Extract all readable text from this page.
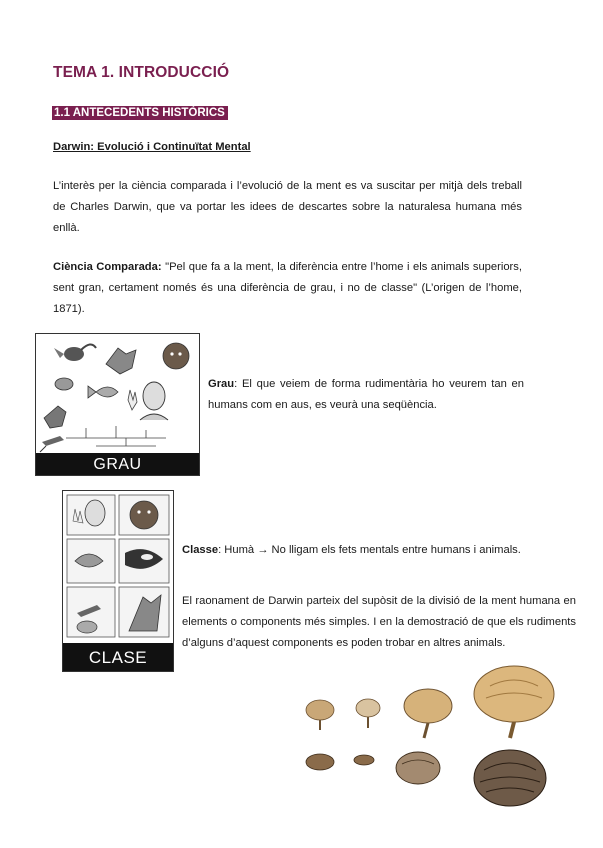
TEMA 1. INTRODUCCIÓ
1.1 ANTECEDENTS HISTÒRICS
Darwin: Evolució i Continuïtat Mental
L’interès per la ciència comparada i l’evolució de la ment es va suscitar per mitjà dels treball de Charles Darwin, que va portar les idees de descartes sobre la naturalesa humana més enllà.
Ciència Comparada: "Pel que fa a la ment, la diferència entre l’home i els animals superiors, sent gran, certament només és una diferència de grau, i no de classe" (L’origen de l’home, 1871).
GRAU
Grau: El que veiem de forma rudimentària ho veurem tan en humans com en aus, es veurà una seqüència.
CLASE
Classe: Humà → No lligam els fets mentals entre humans i animals.
El raonament de Darwin parteix del supòsit de la divisió de la ment humana en elements o components més simples. I en la demostració de que els rudiments d’alguns d’aquest components es poden trobar en altres animals.
